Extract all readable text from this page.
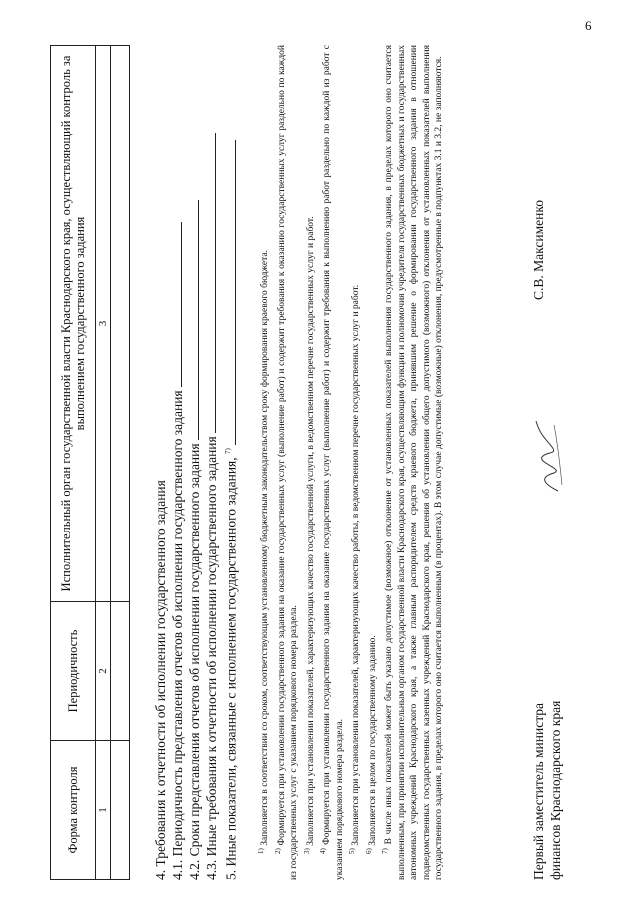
6
Форма контроля	Периодичность	Исполнительный орган государственной власти Краснодарского края, осуществляющий контроль за выполнением государственного задания
1	2	3

4. Требования к отчетности об исполнении государственного задания 4.1. Периодичность представления отчетов об исполнении государственного задания 4.2. Сроки представления отчетов об исполнении государственного задания 4.3. Иные требования к отчетности об исполнении государственного задания 5. Иные показатели, связанные с исполнением государственного задания, $^{7)}$

$^{1)}$ Заполняется в соответствии со сроком, соответствующим установленному бюджетным законодательством сроку формирования краевого бюджета.

$^{2)}$ Формируется при установлении государственного задания на оказание государственных услуг (выполнение работ) и содержит требования к оказанию государственных услуг раздельно по каждой из государственных услуг с указанием порядкового номера раздела. $^{3)}$ Заполняется при установлении показателей, характеризующих качество государственной услуги, в ведомственном перечне государственных услуг и работ.

$^{4)}$ Формируется при установлении государственного задания на оказание государственных услуг (выполнение работ) и содержит требования к выполнению работ раздельно по каждой из работ с указанием порядкового номера раздела. $^{5)}$ Заполняется при установлении показателей, характеризующих качество работы, в ведомственном перечне государственных услуг и работ.

$^{6)}$ Заполняется в целом по государственному заданию.

$^{7)}$ В числе иных показателей может быть указано допустимое (возможное) отклонение от установленных показателей выполнения государственного задания, в пределах которого оно считается выполненным, при принятии исполнительным органом государственной власти Краснодарского края, осуществляющим функции и полномочия учредителя государственных бюджетных и государственных автономных учреждений Краснодарского края, а также главным распорядителем средств краевого бюджета, принявшим решение о формировании государственного задания в отношении подведомственных государственных казенных учреждений Краснодарского края, решения об установлении общего допустимого (возможного) отклонения от установленных показателей выполнения государственного задания, в пределах которого оно считается выполненным (в процентах). В этом случае допустимые (возможные) отклонения, предусмотренные в подпунктах 3.1 и 3.2, не заполняются.	Первый заместитель министра финансов Краснодарского края
С.В. Максименко
